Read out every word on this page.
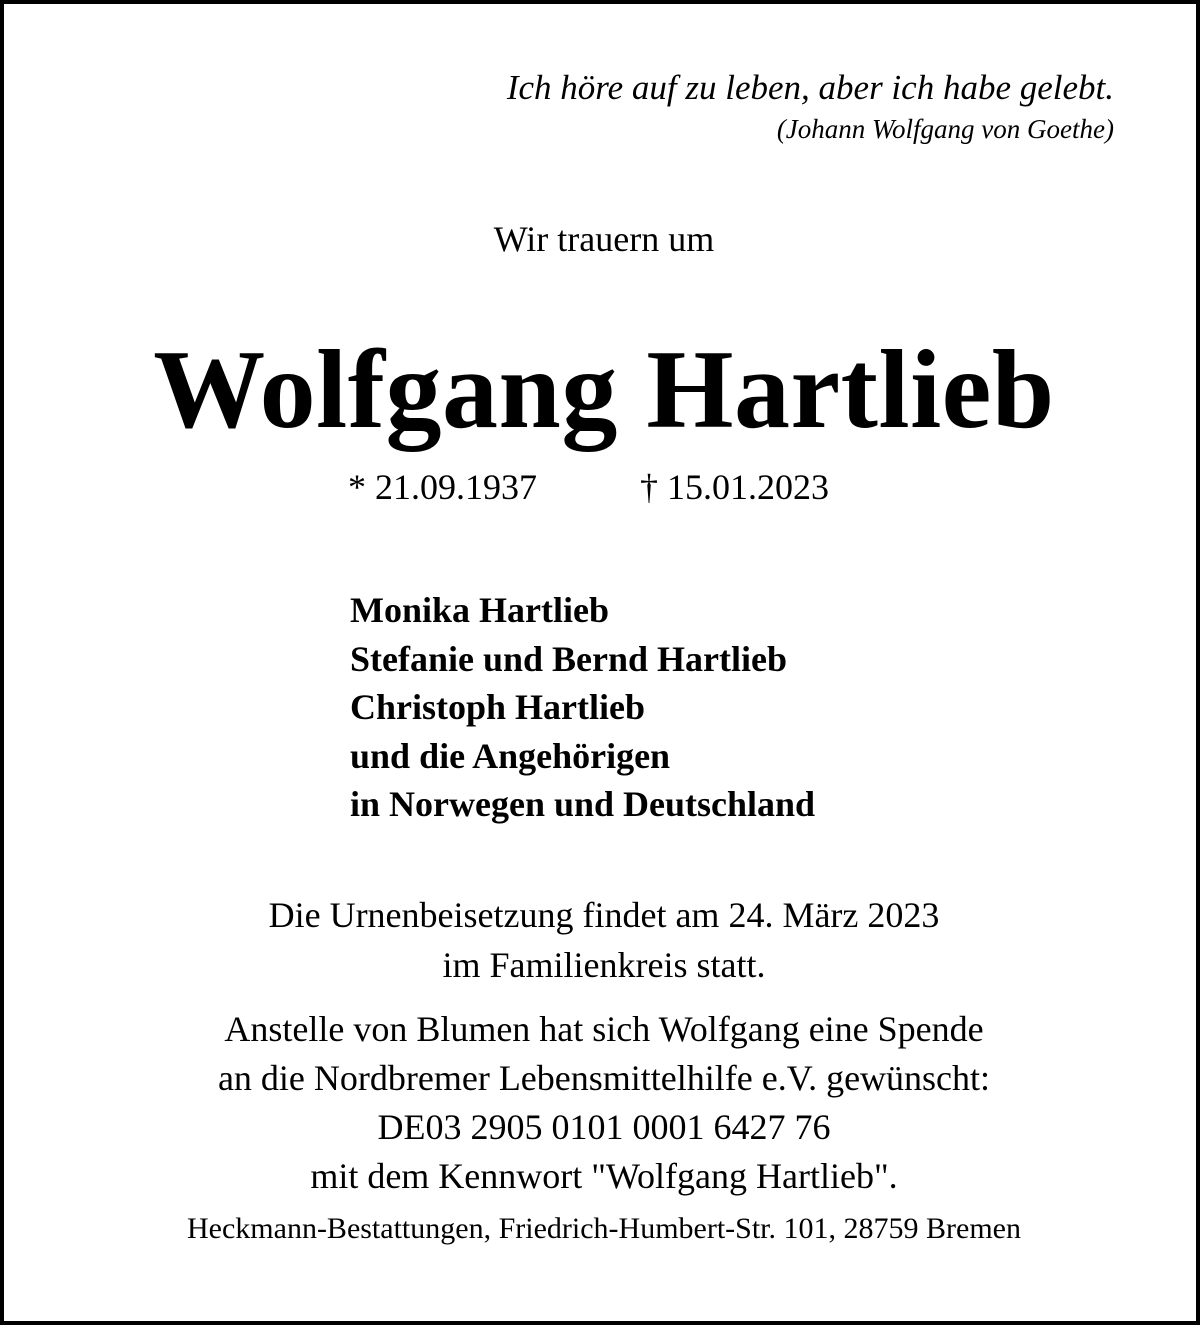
Ich höre auf zu leben, aber ich habe gelebt.
(Johann Wolfgang von Goethe)
Wir trauern um
Wolfgang Hartlieb
* 21.09.1937	† 15.01.2023
Monika Hartlieb
Stefanie und Bernd Hartlieb
Christoph Hartlieb
und die Angehörigen
in Norwegen und Deutschland
Die Urnenbeisetzung findet am 24. März 2023
im Familienkreis statt.
Anstelle von Blumen hat sich Wolfgang eine Spende
an die Nordbremer Lebensmittelhilfe e.V. gewünscht:
DE03 2905 0101 0001 6427 76
mit dem Kennwort "Wolfgang Hartlieb".
Heckmann-Bestattungen, Friedrich-Humbert-Str. 101, 28759 Bremen
